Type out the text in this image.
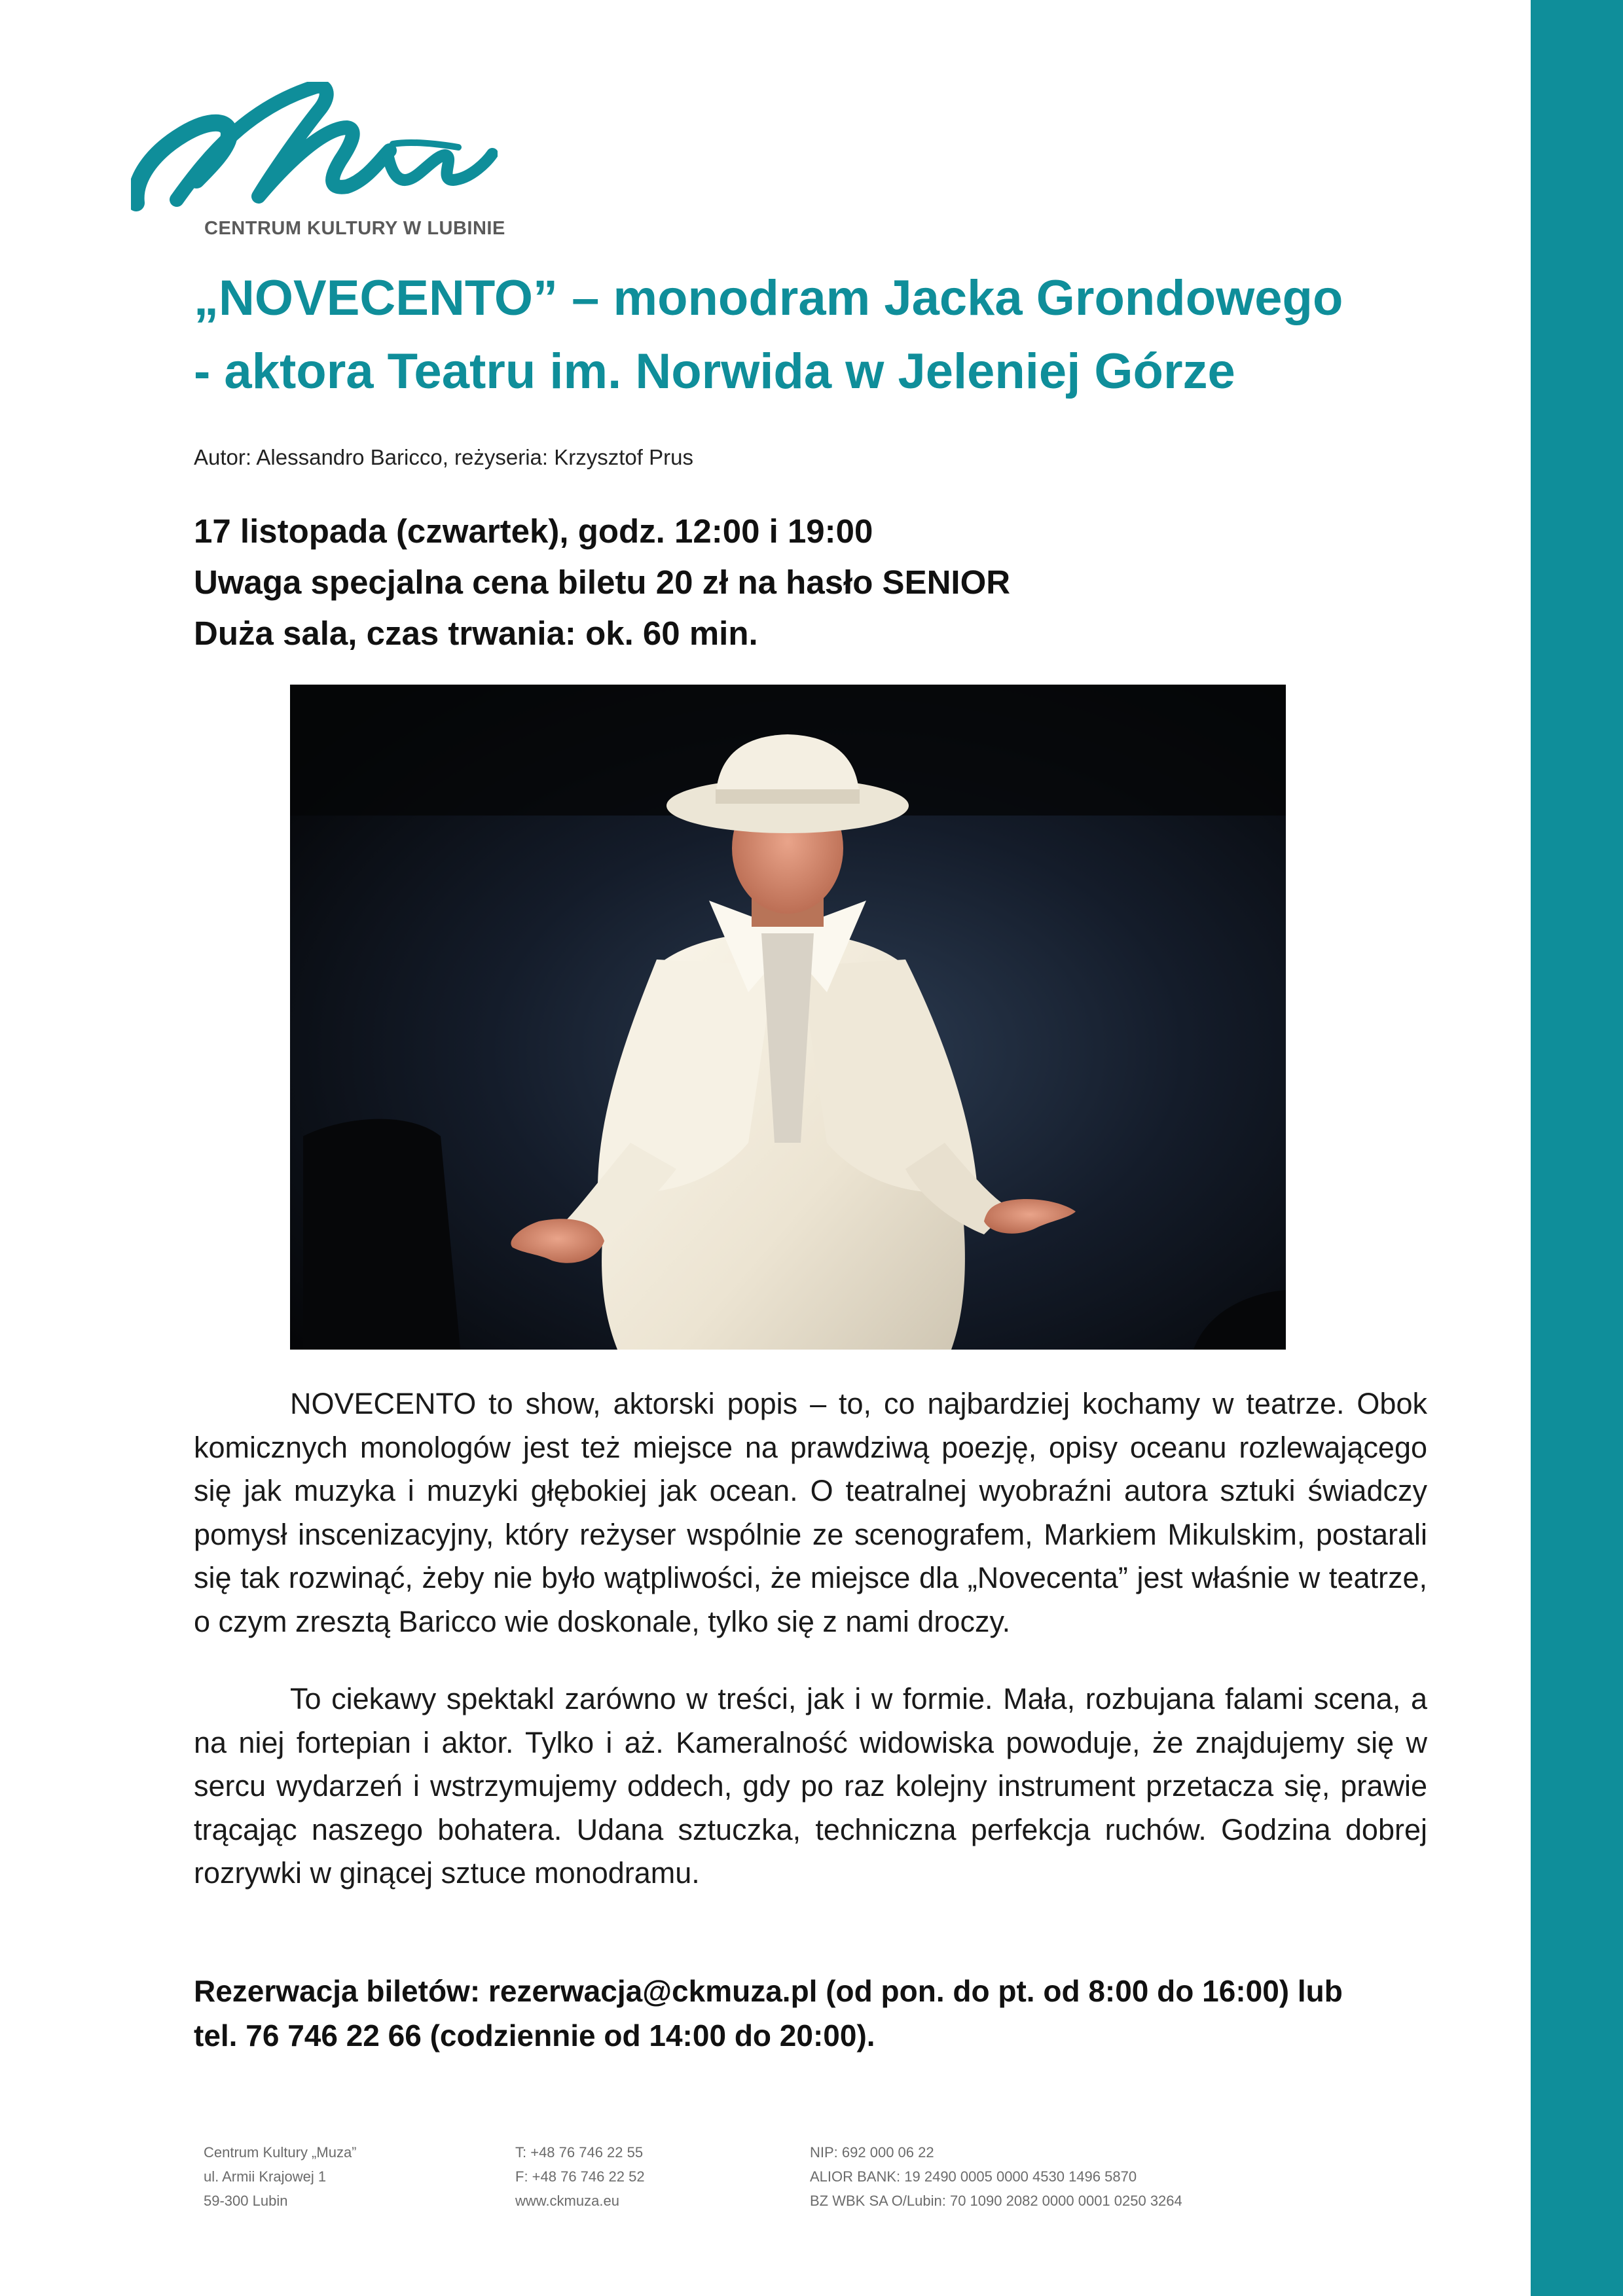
Muza
CENTRUM KULTURY W LUBINIE
„NOVECENTO” – monodram Jacka Grondowego
- aktora Teatru im. Norwida w Jeleniej Górze
Autor: Alessandro Baricco, reżyseria: Krzysztof Prus
17 listopada (czwartek), godz. 12:00 i 19:00
Uwaga specjalna cena biletu 20 zł na hasło SENIOR
Duża sala, czas trwania: ok. 60 min.

NOVECENTO to show, aktorski popis – to, co najbardziej kochamy w teatrze. Obok komicznych monologów jest też miejsce na prawdziwą poezję, opisy oceanu rozlewającego się jak muzyka i muzyki głębokiej jak ocean. O teatralnej wyobraźni autora sztuki świadczy pomysł inscenizacyjny, który reżyser wspólnie ze scenografem, Markiem Mikulskim, postarali się tak rozwinąć, żeby nie było wątpliwości, że miejsce dla „Novecenta” jest właśnie w teatrze, o czym zresztą Baricco wie doskonale, tylko się z nami droczy.

To ciekawy spektakl zarówno w treści, jak i w formie. Mała, rozbujana falami scena, a na niej fortepian i aktor. Tylko i aż. Kameralność widowiska powoduje, że znajdujemy się w sercu wydarzeń i wstrzymujemy oddech, gdy po raz kolejny instrument przetacza się, prawie trącając naszego bohatera. Udana sztuczka, techniczna perfekcja ruchów. Godzina dobrej rozrywki w ginącej sztuce monodramu.

Rezerwacja biletów: rezerwacja@ckmuza.pl (od pon. do pt. od 8:00 do 16:00) lub
tel. 76 746 22 66 (codziennie od 14:00 do 20:00).
Centrum Kultury „Muza”
ul. Armii Krajowej 1
59-300 Lubin
T: +48 76 746 22 55
F: +48 76 746 22 52
www.ckmuza.eu
NIP: 692 000 06 22
ALIOR BANK: 19 2490 0005 0000 4530 1496 5870
BZ WBK SA O/Lubin: 70 1090 2082 0000 0001 0250 3264
